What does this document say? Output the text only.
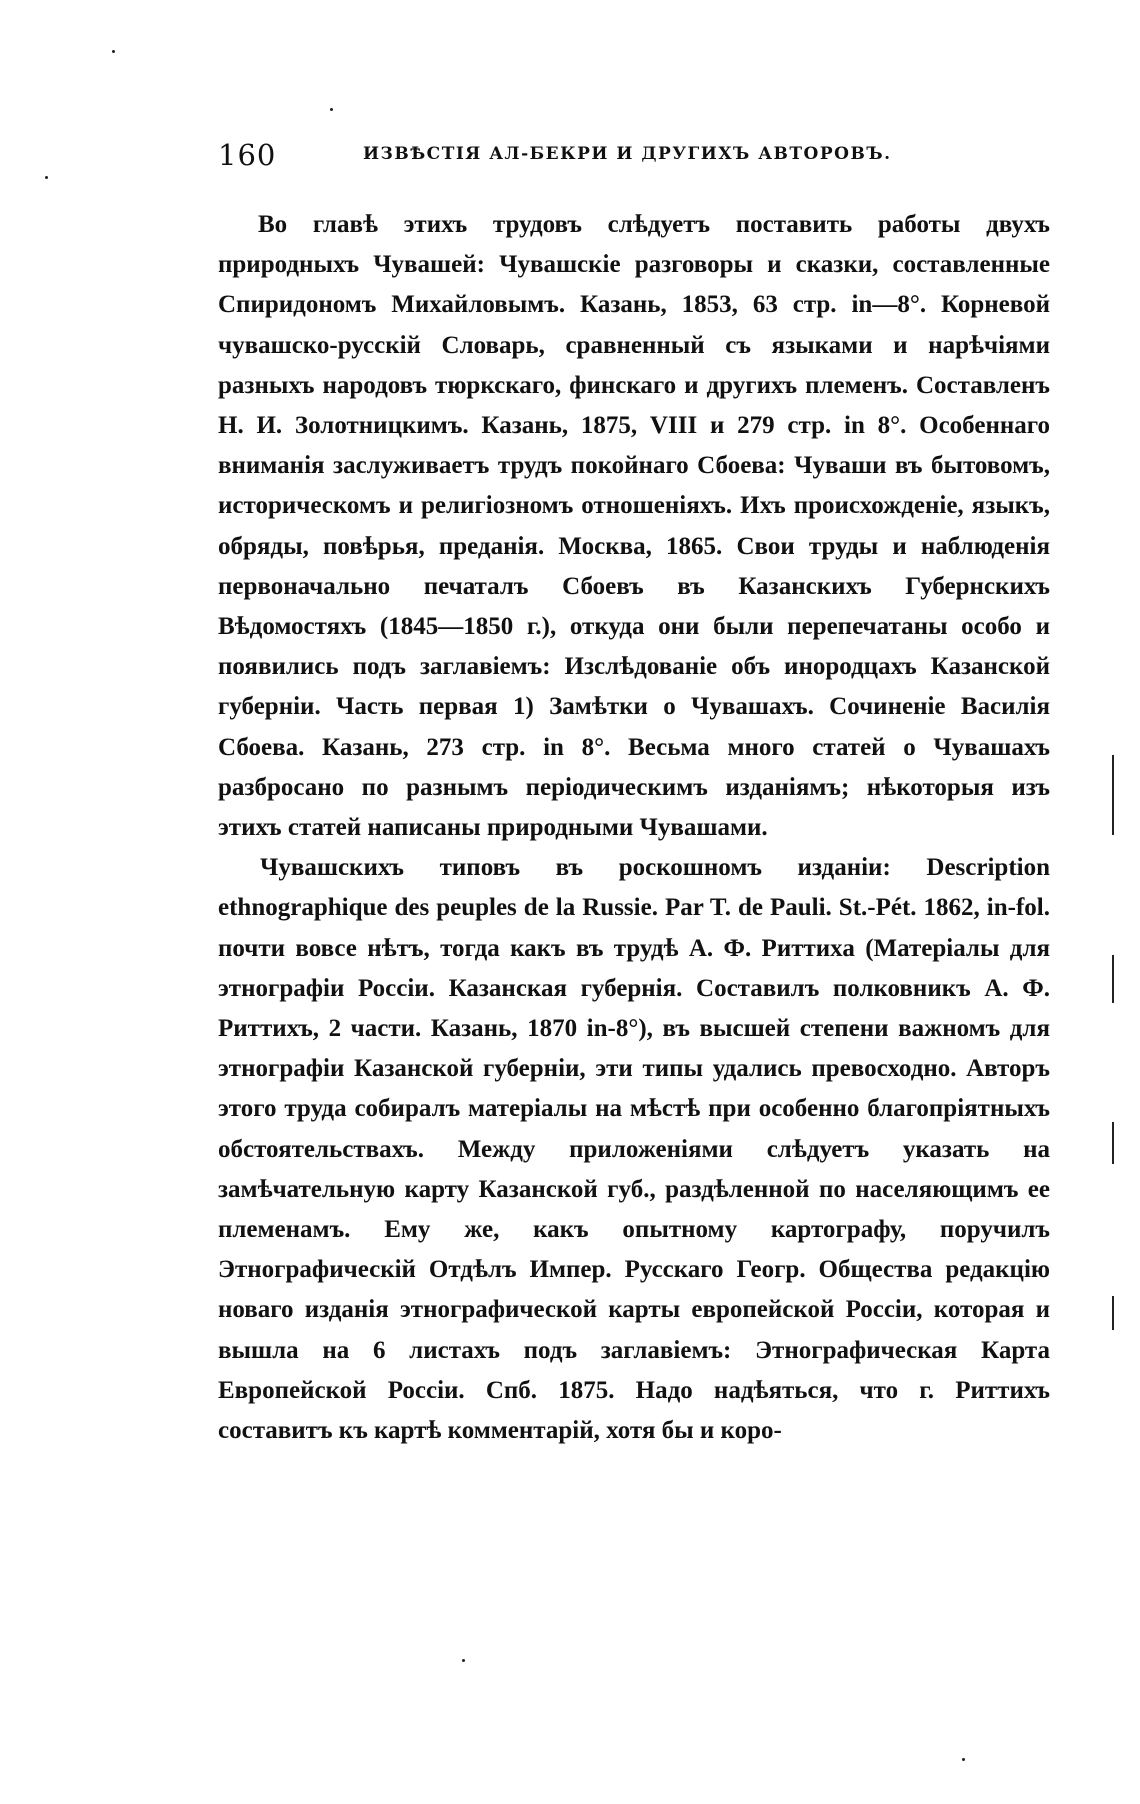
160	ИЗВѢСТІЯ АЛ-БЕКРИ И ДРУГИХЪ АВТОРОВЪ.

Во главѣ этихъ трудовъ слѣдуетъ поставить работы двухъ природныхъ Чувашей: Чувашскіе разговоры и сказки, составленные Спиридономъ Михайловымъ. Казань, 1853, 63 стр. in—8°. Корневой чувашско-русскій Словарь, сравненный съ языками и нарѣчіями разныхъ народовъ тюркскаго, финскаго и другихъ племенъ. Составленъ Н. И. Золотницкимъ. Казань, 1875, VIII и 279 стр. in 8°. Особеннаго вниманія заслуживаетъ трудъ покойнаго Сбоева: Чуваши въ бытовомъ, историческомъ и религіозномъ отношеніяхъ. Ихъ происхожденіе, языкъ, обряды, повѣрья, преданія. Москва, 1865. Свои труды и наблюденія первоначально печаталъ Сбоевъ въ Казанскихъ Губернскихъ Вѣдомостяхъ (1845—1850 г.), откуда они были перепечатаны особо и появились подъ заглавіемъ: Изслѣдованіе объ инородцахъ Казанской губерніи. Часть первая 1) Замѣтки о Чувашахъ. Сочиненіе Василія Сбоева. Казань, 273 стр. in 8°. Весьма много статей о Чувашахъ разбросано по разнымъ періодическимъ изданіямъ; нѣкоторыя изъ этихъ статей написаны природными Чувашами.

Чувашскихъ типовъ въ роскошномъ изданіи: Description ethnographique des peuples de la Russie. Par T. de Pauli. St.-Pét. 1862, in-fol. почти вовсе нѣтъ, тогда какъ въ трудѣ А. Ф. Риттиха (Матеріалы для этнографіи Россіи. Казанская губернія. Составилъ полковникъ А. Ф. Риттихъ, 2 части. Казань, 1870 in-8°), въ высшей степени важномъ для этнографіи Казанской губерніи, эти типы удались превосходно. Авторъ этого труда собиралъ матеріалы на мѣстѣ при особенно благопріятныхъ обстоятельствахъ. Между приложеніями слѣдуетъ указать на замѣчательную карту Казанской губ., раздѣленной по населяющимъ ее племенамъ. Ему же, какъ опытному картографу, поручилъ Этнографическій Отдѣлъ Импер. Русскаго Геогр. Общества редакцію новаго изданія этнографической карты европейской Россіи, которая и вышла на 6 листахъ подъ заглавіемъ: Этнографическая Карта Европейской Россіи. Спб. 1875. Надо надѣяться, что г. Риттихъ составитъ къ картѣ комментарій, хотя бы и коро-
